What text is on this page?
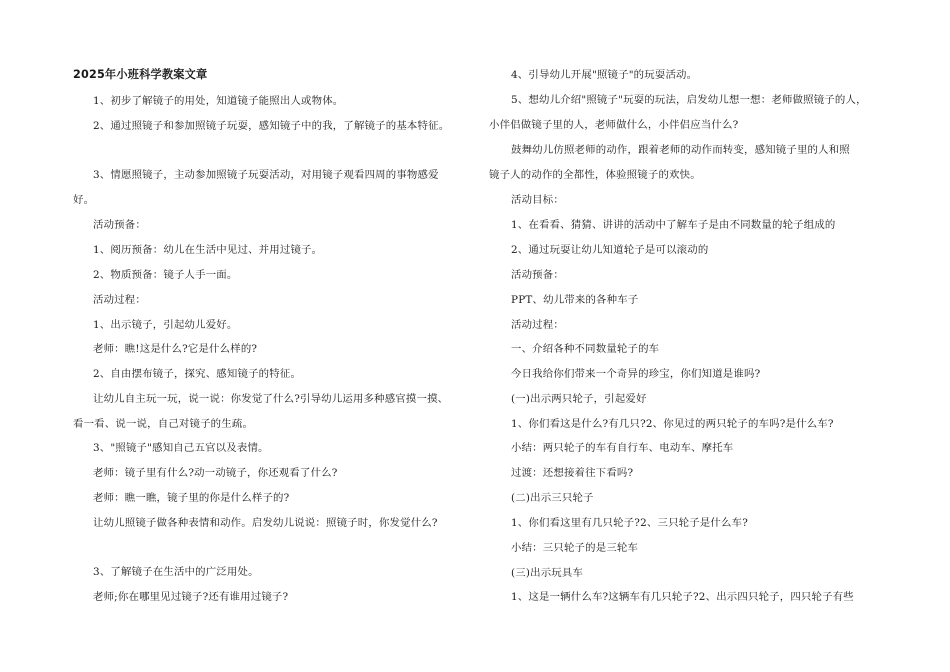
2025年小班科学教案文章
1、初步了解镜子的用处，知道镜子能照出人或物体。
2、通过照镜子和参加照镜子玩耍，感知镜子中的我，了解镜子的基本特征。
3、情愿照镜子，主动参加照镜子玩耍活动，对用镜子观看四周的事物感爱
好。
活动预备：
1、阅历预备：幼儿在生活中见过、并用过镜子。
2、物质预备：镜子人手一面。
活动过程：
1、出示镜子，引起幼儿爱好。
老师：瞧!这是什么?它是什么样的?
2、自由摆布镜子，探究、感知镜子的特征。
让幼儿自主玩一玩，说一说：你发觉了什么?引导幼儿运用多种感官摸一摸、
看一看、说一说，自己对镜子的生疏。
3、"照镜子"感知自己五官以及表情。
老师：镜子里有什么?动一动镜子，你还观看了什么?
老师：瞧一瞧，镜子里的你是什么样子的?
让幼儿照镜子做各种表情和动作。启发幼儿说说：照镜子时，你发觉什么?
3、了解镜子在生活中的广泛用处。
老师;你在哪里见过镜子?还有谁用过镜子?
4、引导幼儿开展"照镜子"的玩耍活动。
5、想幼儿介绍"照镜子"玩耍的玩法，启发幼儿想一想：老师做照镜子的人，
小伴侣做镜子里的人，老师做什么，小伴侣应当什么?
鼓舞幼儿仿照老师的动作，跟着老师的动作而转变，感知镜子里的人和照
镜子人的动作的全都性，体验照镜子的欢快。
活动目标：
1、在看看、猜猜、讲讲的活动中了解车子是由不同数量的轮子组成的
2、通过玩耍让幼儿知道轮子是可以滚动的
活动预备：
PPT、幼儿带来的各种车子
活动过程：
一、介绍各种不同数量轮子的车
今日我给你们带来一个奇异的珍宝，你们知道是谁吗?
(一)出示两只轮子，引起爱好
1、你们看这是什么?有几只?2、你见过的两只轮子的车吗?是什么车?
小结：两只轮子的车有自行车、电动车、摩托车
过渡：还想接着往下看吗?
(二)出示三只轮子
1、你们看这里有几只轮子?2、三只轮子是什么车?
小结：三只轮子的是三轮车
(三)出示玩具车
1、这是一辆什么车?这辆车有几只轮子?2、出示四只轮子，四只轮子有些
